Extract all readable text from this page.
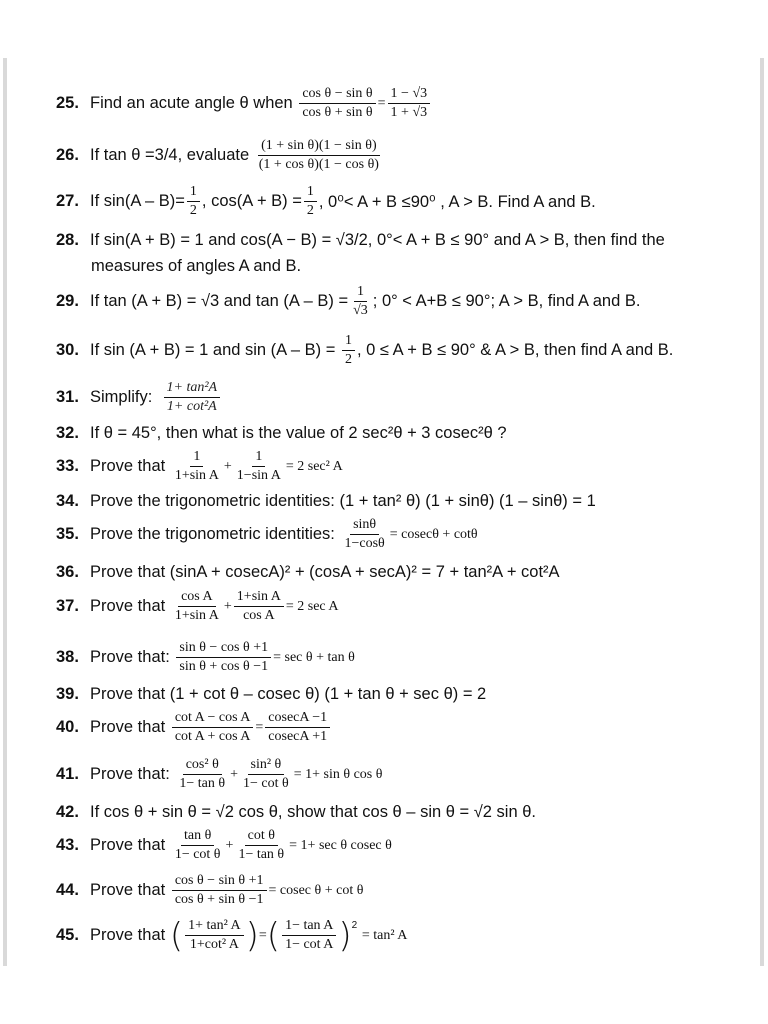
25. Find an acute angle θ when
$\frac{\text{cos θ − sin θ}}{\text{cos θ + sin θ}} = \frac{1 - √3}{1 + √3}$
26. If tan θ =3/4, evaluate
$\frac{\text{(1 + sin θ)(1 − sin θ)}}{\text{(1 + cos θ)(1 − cos θ)}}$
27. If $\sin(A - B)= \frac{1}{2}$ , $\cos(A + B) = \frac{1}{2}$ , 0⁰< A + B ≤90⁰ , A > B. Find A and B.
28. If sin(A + B) = 1 and cos(A − B) = √3/2, 0°< A + B ≤ 90° and A > B, then find the
measures of angles A and B.
29. If tan (A + B) = √3 and $\tan (A - B) = \frac{1}{√3}$ ; 0° < A+B ≤ 90°; A > B, find A and B.
30. If sin (A + B) = 1 and sin (A – B) =
$\frac{1}{2}$ , 0 ≤ A + B ≤ 90° & A > B, then find A and B.
31. Simplify:
$\frac{\text{1+ tan²A}}{\text{1+ cot²A}}$
32. If θ = 45°, then what is the value of 2 sec²θ + 3 cosec²θ ?
33. Prove that
$\frac{1}{\text{1+sin A}} + \frac{1}{\text{1−sin A}} = 2$ sec² A
34. Prove the trigonometric identities: (1 + tan² θ) (1 + sinθ) (1 – sinθ) = 1
35. Prove the trigonometric identities:
$\frac{\sin\theta}{1-\cos\theta} = cosec\theta + \cot\theta$
36. Prove that (sinA + cosecA)² + (cosA + secA)² = 7 + tan²A + cot²A
37. Prove that
$\frac{\text{cos A}}{\text{1+sin A}} + \frac{\text{1+sin A}}{\text{cos A}} = 2$ sec A
38. Prove that:
$\frac{\text{sin θ − cos θ +1}}{\text{sin θ + cos θ −1}} = \sec \theta + \tan \theta$
39. Prove that (1 + cot θ – cosec θ) (1 + tan θ + sec θ) = 2
40. Prove that
$\frac{\text{cot A − cos A}}{\text{cot A + cos A}} = \frac{cosecA -1}{cosecA +1}$
41. Prove that:
$\frac{\text{cos² θ}}{\text{1− tan θ}} + \frac{\text{sin² θ}}{\text{1− cot θ}} = 1+ \sin \theta$ cos θ
42. If cos θ + sin θ = √2 cos θ, show that cos θ – sin θ = √2 sin θ.
43. Prove that
$\frac{\text{tan θ}}{\text{1− cot θ}} + \frac{\text{cot θ}}{\text{1− tan θ}} = 1+ \sec \theta$ cosec θ
44. Prove that
$\frac{\text{cos θ − sin θ +1}}{\text{cos θ + sin θ −1}} = cosec$ θ + cot θ
45. Prove that
( $\frac{\text{1+ tan² A}}{\text{1+cot² A}}$ ) = ( $\frac{\text{1− tan A}}{\text{1− cot A}} )^2$

= tan² A
